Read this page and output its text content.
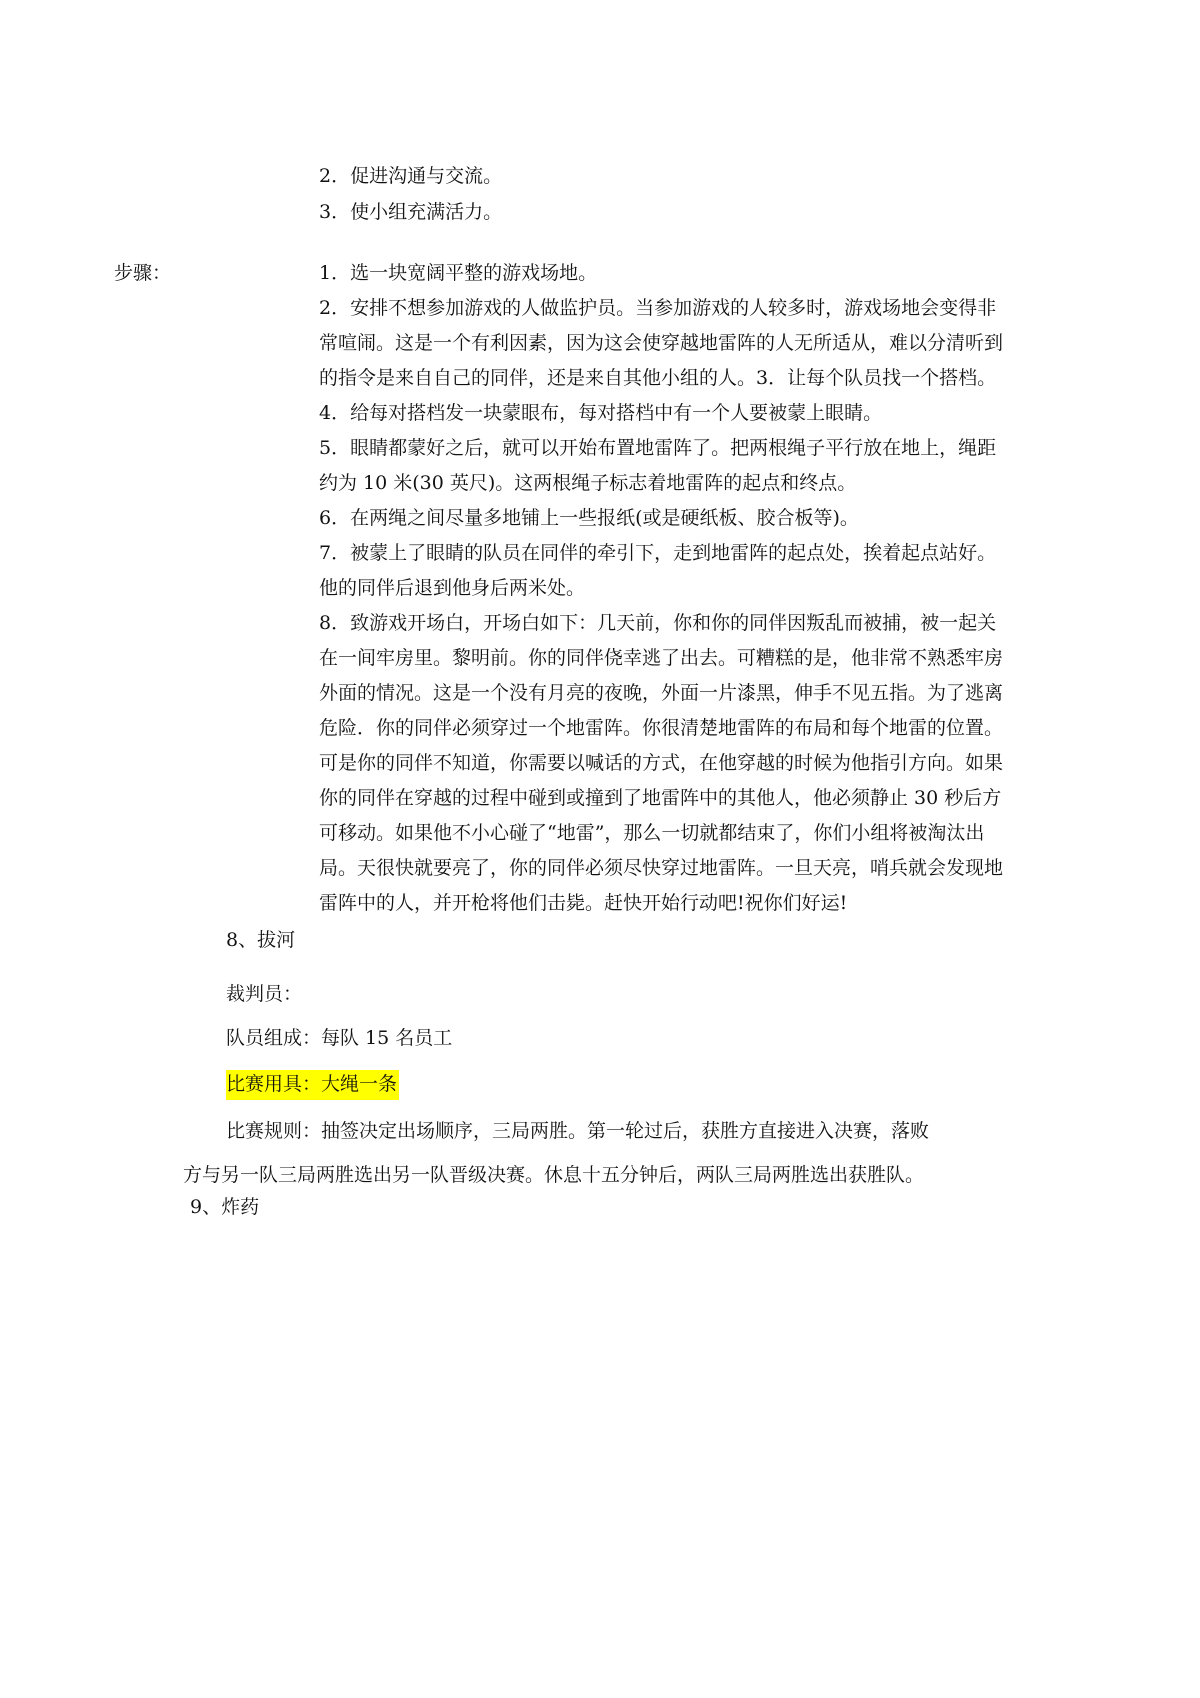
2．促进沟通与交流。
3．使小组充满活力。
步骤：	1．选一块宽阔平整的游戏场地。
2．安排不想参加游戏的人做监护员。当参加游戏的人较多时，游戏场地会变得非
常喧闹。这是一个有利因素，因为这会使穿越地雷阵的人无所适从，难以分清听到
的指令是来自自己的同伴，还是来自其他小组的人。3．让每个队员找一个搭档。
4．给每对搭档发一块蒙眼布，每对搭档中有一个人要被蒙上眼睛。
5．眼睛都蒙好之后，就可以开始布置地雷阵了。把两根绳子平行放在地上，绳距
约为 10 米(30 英尺)。这两根绳子标志着地雷阵的起点和终点。
6．在两绳之间尽量多地铺上一些报纸(或是硬纸板、胶合板等)。
7．被蒙上了眼睛的队员在同伴的牵引下，走到地雷阵的起点处，挨着起点站好。
他的同伴后退到他身后两米处。
8．致游戏开场白，开场白如下：几天前，你和你的同伴因叛乱而被捕，被一起关
在一间牢房里。黎明前。你的同伴侥幸逃了出去。可糟糕的是，他非常不熟悉牢房
外面的情况。这是一个没有月亮的夜晚，外面一片漆黑，伸手不见五指。为了逃离
危险．你的同伴必须穿过一个地雷阵。你很清楚地雷阵的布局和每个地雷的位置。
可是你的同伴不知道，你需要以喊话的方式，在他穿越的时候为他指引方向。如果
你的同伴在穿越的过程中碰到或撞到了地雷阵中的其他人，他必须静止 30 秒后方
可移动。如果他不小心碰了“地雷”，那么一切就都结束了，你们小组将被淘汰出
局。天很快就要亮了，你的同伴必须尽快穿过地雷阵。一旦天亮，哨兵就会发现地
雷阵中的人，并开枪将他们击毙。赶快开始行动吧!祝你们好运!
8、拔河
裁判员：
队员组成：每队 15 名员工
比赛用具：大绳一条
比赛规则：抽签决定出场顺序，三局两胜。第一轮过后，获胜方直接进入决赛，落败
方与另一队三局两胜选出另一队晋级决赛。休息十五分钟后，两队三局两胜选出获胜队。
9、炸药
